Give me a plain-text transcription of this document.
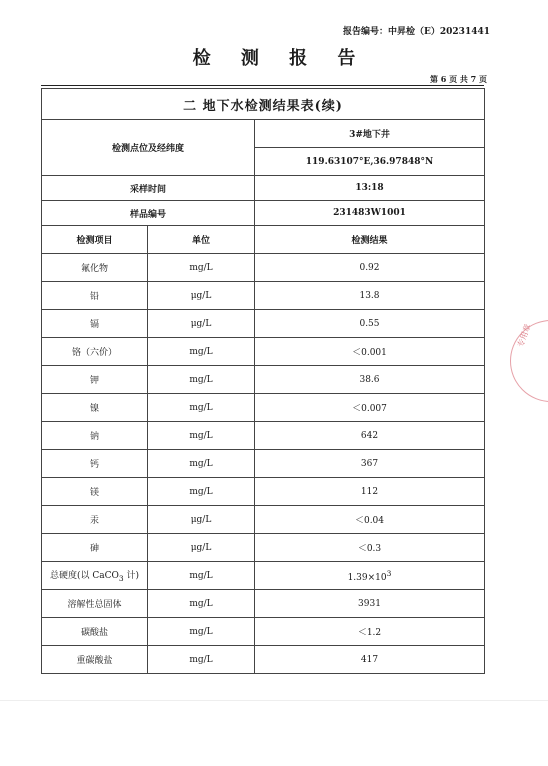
报告编号：中昇检（E）20231441
检 测 报 告
第 6 页 共 7 页
二 地下水检测结果表(续)		
检测点位及经纬度		3#地下井
		119.63107°E,36.97848°N
采样时间		13:18
样品编号		231483W1001
检测项目	单位	检测结果
氟化物	mg/L	0.92
铅	μg/L	13.8
镉	μg/L	0.55
铬（六价）	mg/L	＜0.001
钾	mg/L	38.6
镍	mg/L	＜0.007
钠	mg/L	642
钙	mg/L	367
镁	mg/L	112
汞	μg/L	＜0.04
砷	μg/L	＜0.3
总硬度(以 CaCO$_3$ 计)	mg/L	$1.39\times 10^3$
溶解性总固体	mg/L	3931
碳酸盐	mg/L	＜1.2
重碳酸盐	mg/L	417
专用章
